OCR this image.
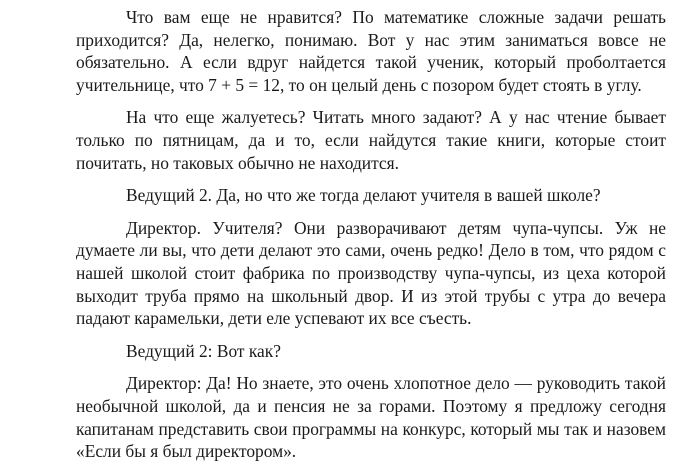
Что вам еще не нравится? По математике сложные задачи решать приходится? Да, нелегко, понимаю. Вот у нас этим заниматься вовсе не обязательно. А если вдруг найдется такой ученик, который проболтается учительнице, что 7 + 5 = 12, то он целый день с позором будет стоять в углу.

На что еще жалуетесь? Читать много задают? А у нас чтение бывает только по пятницам, да и то, если найдутся такие книги, которые стоит почитать, но таковых обычно не находится.

Ведущий 2. Да, но что же тогда делают учителя в вашей школе?

Директор. Учителя? Они разворачивают детям чупа-чупсы. Уж не думаете ли вы, что дети делают это сами, очень редко! Дело в том, что рядом с нашей школой стоит фабрика по производству чупа-чупсы, из цеха которой выходит труба прямо на школьный двор. И из этой трубы с утра до вечера падают карамельки, дети еле успевают их все съесть.

Ведущий 2: Вот как?

Директор: Да! Но знаете, это очень хлопотное дело — руководить такой необычной школой, да и пенсия не за горами. Поэтому я предложу сегодня капитанам представить свои программы на конкурс, который мы так и назовем «Если бы я был директором».
